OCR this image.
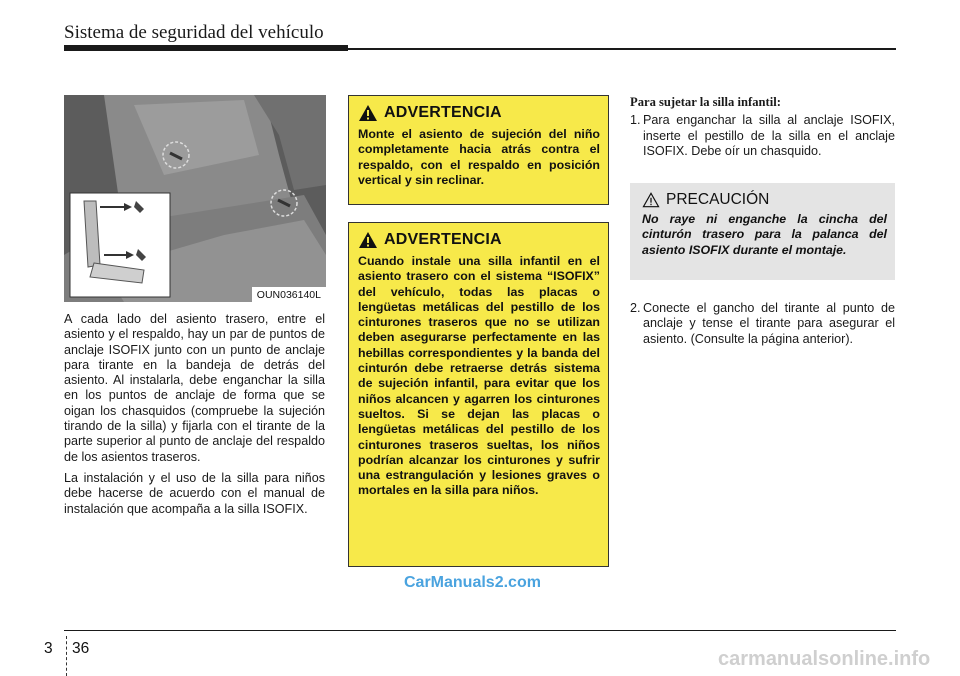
Sistema de seguridad del vehículo
OUN036140L

A cada lado del asiento trasero, entre el asiento y el respaldo, hay un par de puntos de anclaje ISOFIX junto con un punto de anclaje para tirante en la bandeja de detrás del asiento. Al instalarla, debe enganchar la silla en los puntos de anclaje de forma que se oigan los chasquidos (compruebe la sujeción tirando de la silla) y fijarla con el tirante de la parte superior al punto de anclaje del respaldo de los asientos traseros.

La instalación y el uso de la silla para niños debe hacerse de acuerdo con el manual de instalación que acompaña a la silla ISOFIX.

ADVERTENCIA
Monte el asiento de sujeción del niño completamente hacia atrás contra el respaldo, con el respaldo en posición vertical y sin reclinar.
ADVERTENCIA
Cuando instale una silla infantil en el asiento trasero con el sistema “ISOFIX” del vehículo, todas las placas o lengüetas metálicas del pestillo de los cinturones traseros que no se utilizan deben asegurarse perfectamente en las hebillas correspondientes y la banda del cinturón debe retraerse detrás sistema de sujeción infantil, para evitar que los niños alcancen y agarren los cinturones sueltos. Si se dejan las placas o lengüetas metálicas del pestillo de los cinturones traseros sueltas, los niños podrían alcanzar los cinturones y sufrir una estrangulación y lesiones graves o mortales en la silla para niños.
Para sujetar la silla infantil:
1. Para enganchar la silla al anclaje ISOFIX, inserte el pestillo de la silla en el anclaje ISOFIX. Debe oír un chasquido.
PRECAUCIÓN
No raye ni enganche la cincha del cinturón trasero para la palanca del asiento ISOFIX durante el montaje.
2. Conecte el gancho del tirante al punto de anclaje y tense el tirante para asegurar el asiento. (Consulte la página anterior).
CarManuals2.com
3 36	carmanualsonline.info
